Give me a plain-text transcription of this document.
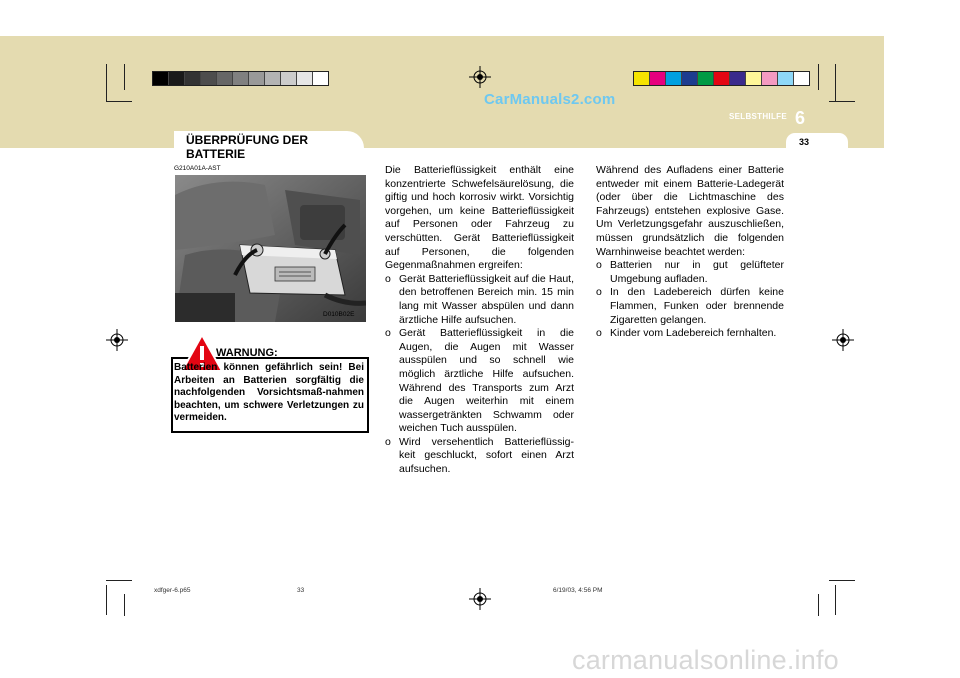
CarManuals2.com
SELBSTHILFE 6
33
ÜBERPRÜFUNG DER BATTERIE
G210A01A-AST
D010B02E
WARNUNG:
Batterien können gefährlich sein! Bei Arbeiten an Batterien sorgfältig die nachfolgenden Vorsichtsmaß-nahmen beachten, um schwere Verletzungen zu vermeiden.

Die Batterieflüssigkeit enthält eine konzentrierte Schwefelsäurelösung, die giftig und hoch korrosiv wirkt. Vorsichtig vorgehen, um keine Batterieflüssigkeit auf Personen oder Fahrzeug zu verschütten. Gerät Batterieflüssigkeit auf Personen, die folgenden Gegenmaßnahmen ergreifen:

o Gerät Batterieflüssigkeit auf die Haut, den betroffenen Bereich min. 15 min lang mit Wasser abspülen und dann ärztliche Hilfe aufsuchen.
o Gerät Batterieflüssigkeit in die Augen, die Augen mit Wasser ausspülen und so schnell wie möglich ärztliche Hilfe aufsuchen. Während des Transports zum Arzt die Augen weiterhin mit einem wassergetränkten Schwamm oder weichen Tuch ausspülen.
o Wird versehentlich Batterieflüssig-keit geschluckt, sofort einen Arzt aufsuchen.

Während des Aufladens einer Batterie entweder mit einem Batterie-Ladegerät (oder über die Lichtmaschine des Fahrzeugs) entstehen explosive Gase. Um Verletzungsgefahr auszuschließen, müssen grundsätzlich die folgenden Warnhinweise beachtet werden:

o Batterien nur in gut gelüfteter Umgebung aufladen.
o In den Ladebereich dürfen keine Flammen, Funken oder brennende Zigaretten gelangen.
o Kinder vom Ladebereich fernhalten.
xdfger-6.p65	33	6/19/03, 4:56 PM
carmanualsonline.info
